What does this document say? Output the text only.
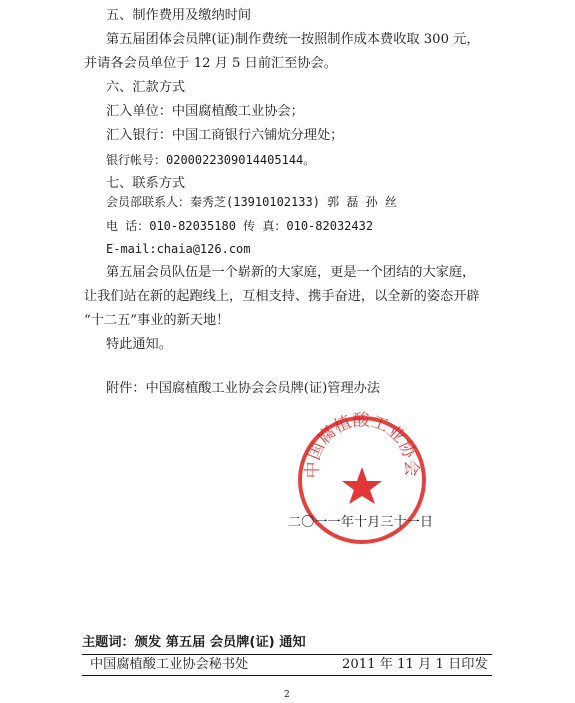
五、制作费用及缴纳时间
第五届团体会员牌(证)制作费统一按照制作成本费收取 300 元，
并请各会员单位于 12 月 5 日前汇至协会。
六、汇款方式
汇入单位：中国腐植酸工业协会；
汇入银行：中国工商银行六铺炕分理处；
银行帐号：0200022309014405144。
七、联系方式
会员部联系人：秦秀芝(13910102133) 郭 磊 孙 丝
电 话：010-82035180 传 真：010-82032432
E-mail:chaia@126.com
第五届会员队伍是一个崭新的大家庭，更是一个团结的大家庭，
让我们站在新的起跑线上，互相支持、携手奋进，以全新的姿态开辟
“十二五”事业的新天地！
特此通知。
附件：中国腐植酸工业协会会员牌(证)管理办法
中国腐植酸工业协会
二〇一一年十月三十一日
主题词：颁发 第五届 会员牌(证) 通知
中国腐植酸工业协会秘书处	2011 年 11 月 1 日印发
2
